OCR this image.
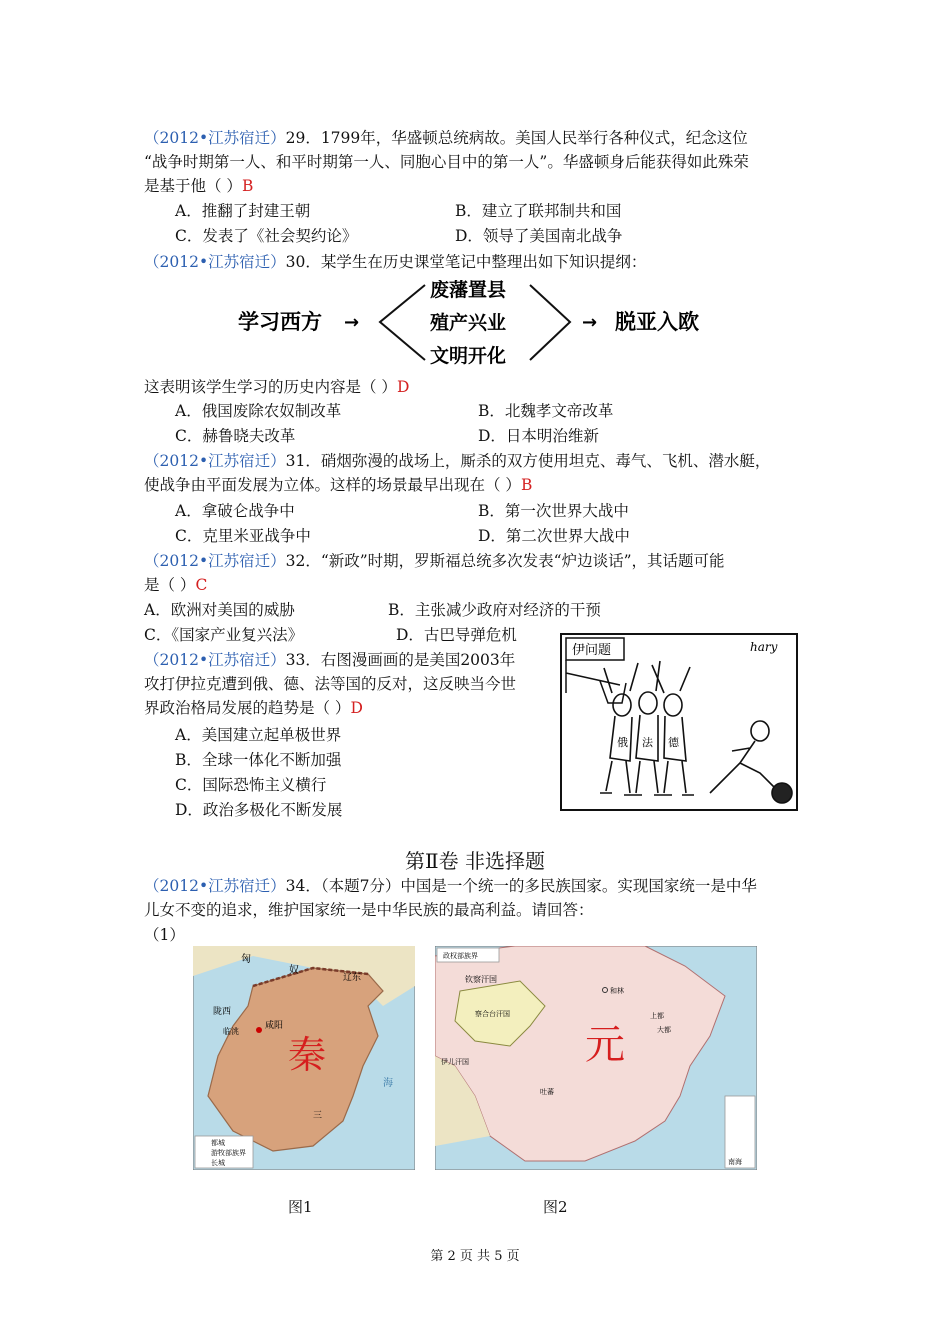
（2012•江苏宿迁）29．1799年，华盛顿总统病故。美国人民举行各种仪式，纪念这位
“战争时期第一人、和平时期第一人、同胞心目中的第一人”。华盛顿身后能获得如此殊荣
是基于他（ ）B
A．推翻了封建王朝	B．建立了联邦制共和国
C．发表了《社会契约论》	D．领导了美国南北战争
（2012•江苏宿迁）30．某学生在历史课堂笔记中整理出如下知识提纲：
学习西方 →
废藩置县
殖产兴业
文明开化
→ 脱亚入欧
这表明该学生学习的历史内容是（ ）D
A．俄国废除农奴制改革	B．北魏孝文帝改革
C．赫鲁晓夫改革	D．日本明治维新
（2012•江苏宿迁）31．硝烟弥漫的战场上，厮杀的双方使用坦克、毒气、飞机、潜水艇，
使战争由平面发展为立体。这样的场景最早出现在（ ）B
A．拿破仑战争中	B．第一次世界大战中
C．克里米亚战争中	D．第二次世界大战中
（2012•江苏宿迁）32．“新政”时期，罗斯福总统多次发表“炉边谈话”，其话题可能
是（ ）C
A．欧洲对美国的威胁	B．主张减少政府对经济的干预
C．《国家产业复兴法》	D．古巴导弹危机
（2012•江苏宿迁）33．右图漫画画的是美国2003年
攻打伊拉克遭到俄、德、法等国的反对，这反映当今世
界政治格局发展的趋势是（ ）D
A．美国建立起单极世界
B．全球一体化不断加强
C．国际恐怖主义横行
D．政治多极化不断发展
伊问题	hary
俄 法 德
第Ⅱ卷 非选择题
（2012•江苏宿迁）34．（本题7分）中国是一个统一的多民族国家。实现国家统一是中华
儿女不变的追求，维护国家统一是中华民族的最高利益。请回答：
（1）
秦
匈
奴
辽东
陇西
咸阳
临洮
三
海
都城
游牧部族界
长城
元
政权部族界
钦察汗国
察合台汗国
伊儿汗国
和林
上都
大都
吐蕃
南海
图1	图2
第 2 页 共 5 页
